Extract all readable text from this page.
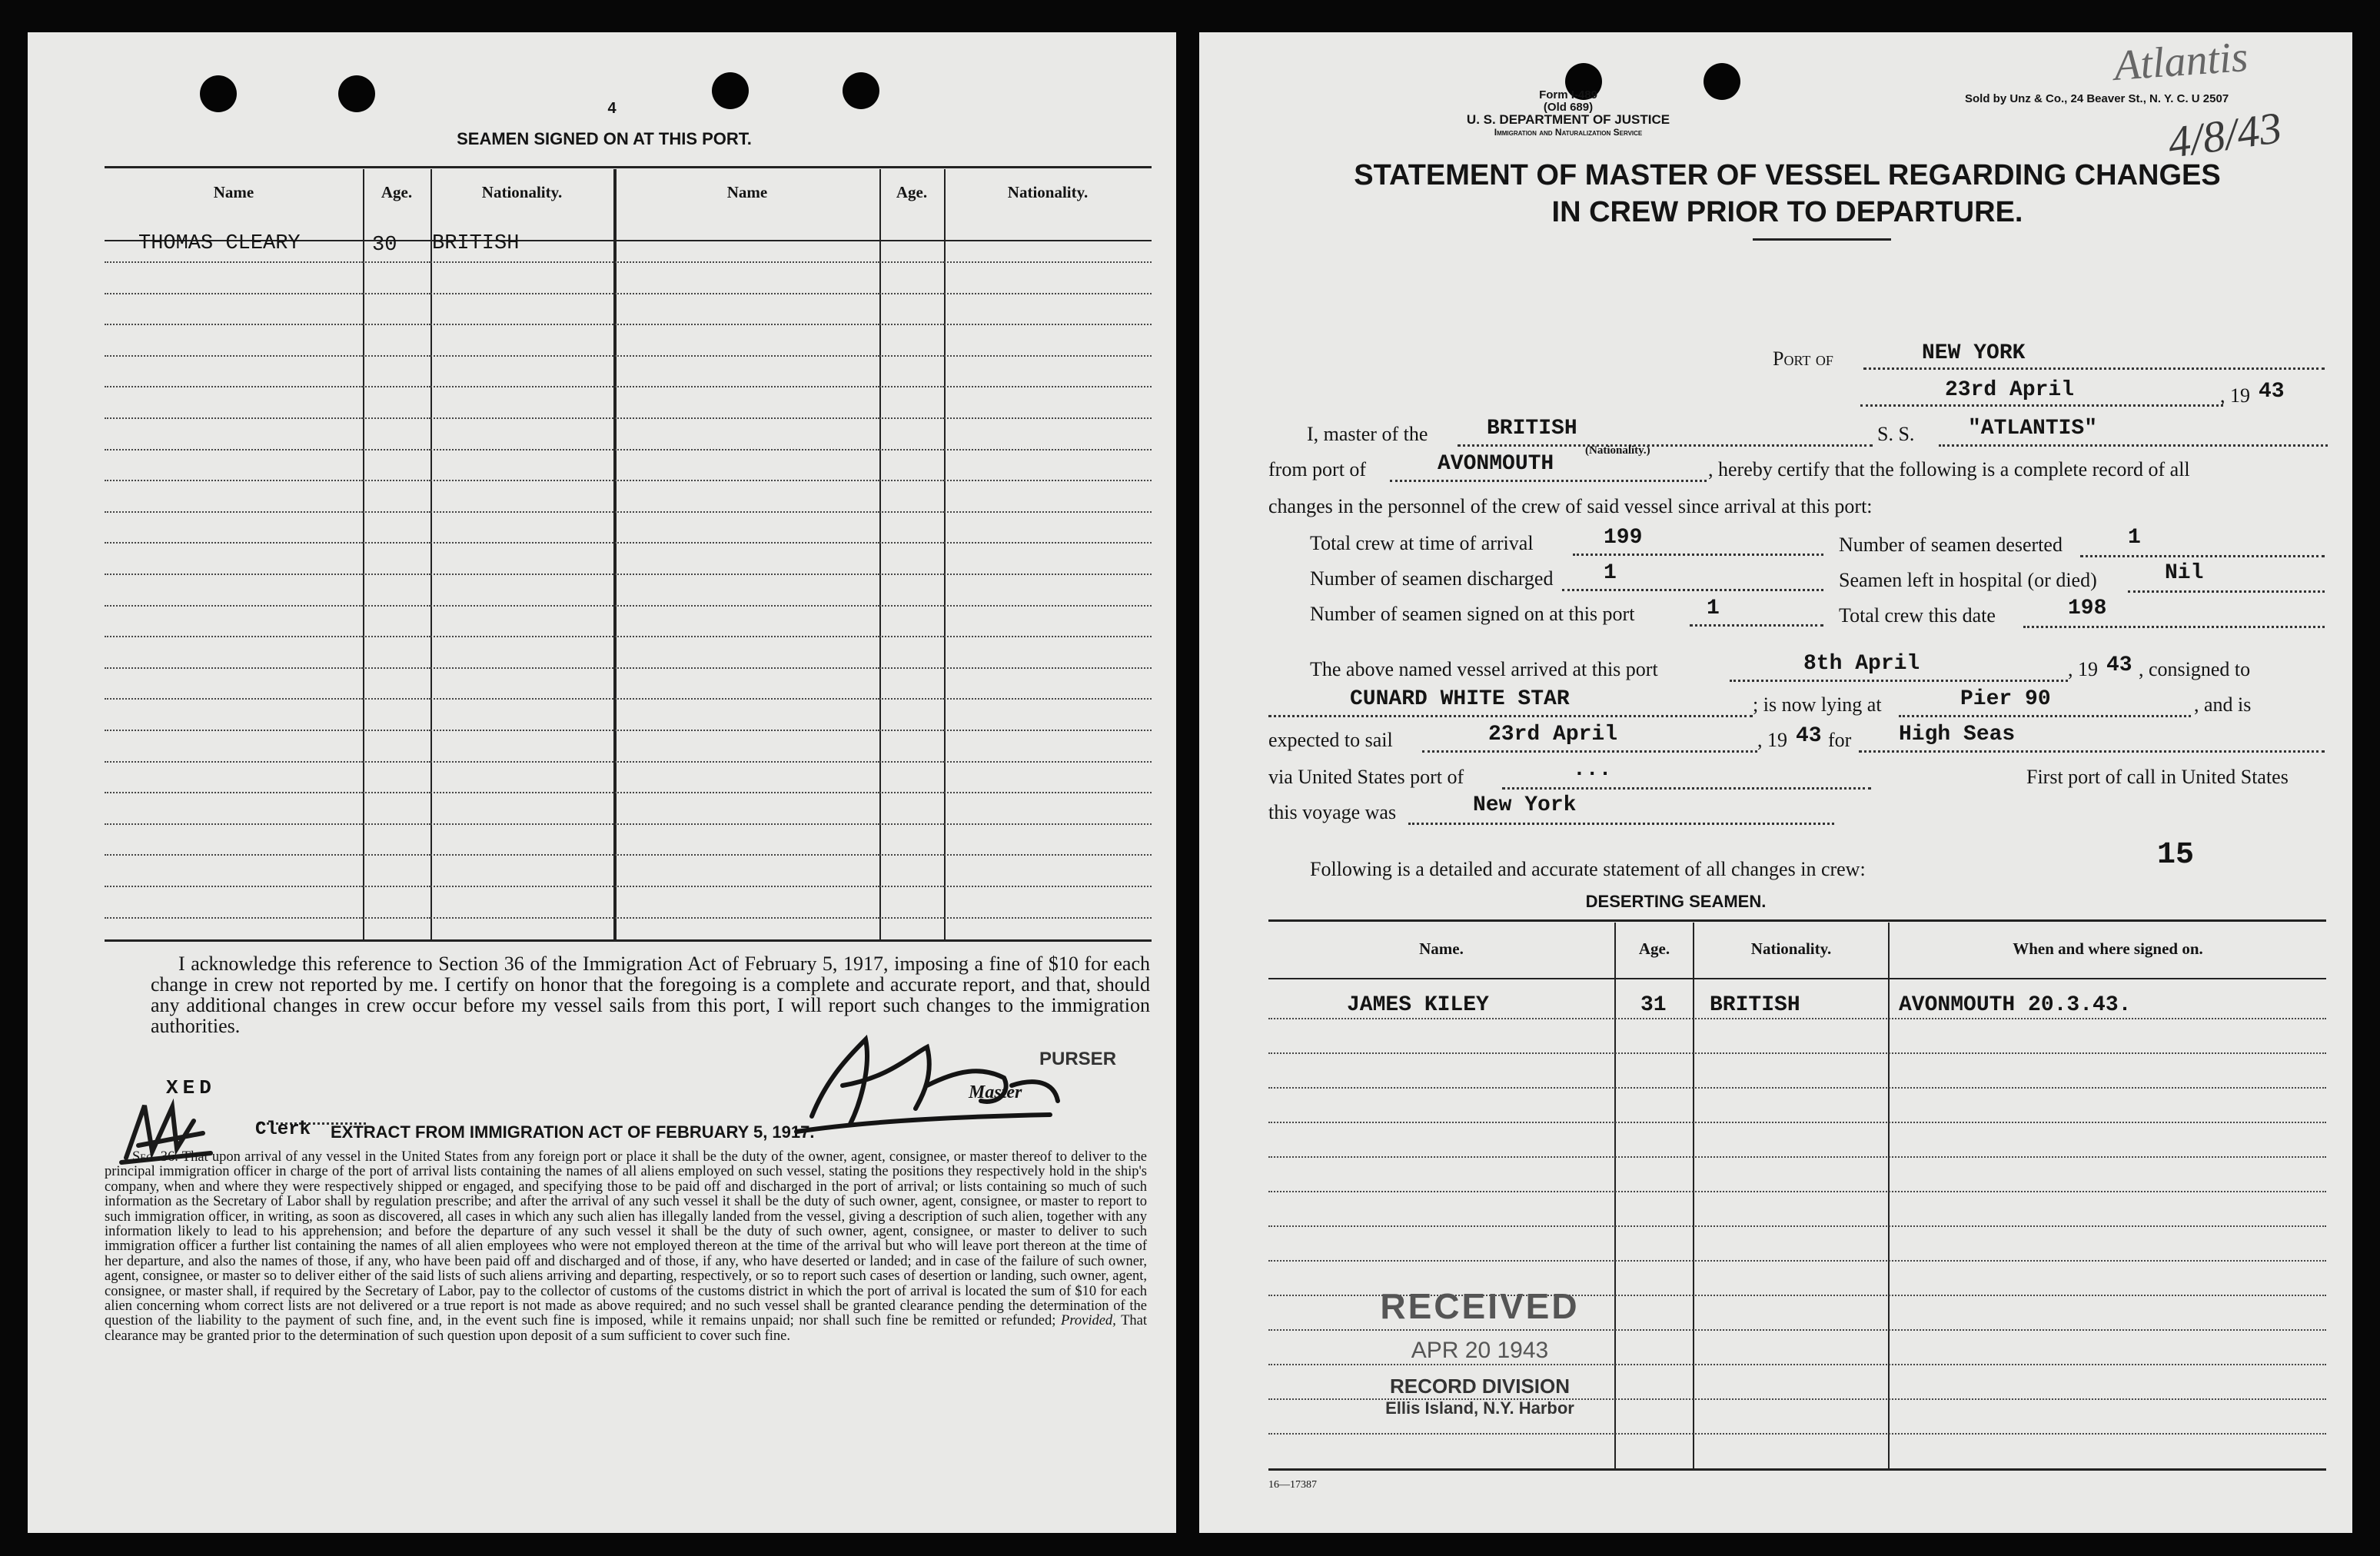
4
SEAMEN SIGNED ON AT THIS PORT.
Name	Age.	Nationality.	Name	Age.	Nationality.
THOMAS CLEARY	30 BRITISH
I acknowledge this reference to Section 36 of the Immigration Act of February 5, 1917, imposing a fine of $10 for each change in crew not reported by me. I certify on honor that the foregoing is a complete and accurate report, and that, should any additional changes in crew occur before my vessel sails from this port, I will report such changes to the immigration authorities.
XED
PURSER
Master
Clerk EXTRACT FROM IMMIGRATION ACT OF FEBRUARY 5, 1917.
Sec. 36. That upon arrival of any vessel in the United States from any foreign port or place it shall be the duty of the owner, agent, consignee, or master thereof to deliver to the principal immigration officer in charge of the port of arrival lists containing the names of all aliens employed on such vessel, stating the positions they respectively hold in the ship's company, when and where they were respectively shipped or engaged, and specifying those to be paid off and discharged in the port of arrival; or lists containing so much of such information as the Secretary of Labor shall by regulation prescribe; and after the arrival of any such vessel it shall be the duty of such owner, agent, consignee, or master to report to such immigration officer, in writing, as soon as discovered, all cases in which any such alien has illegally landed from the vessel, giving a description of such alien, together with any information likely to lead to his apprehension; and before the departure of any such vessel it shall be the duty of such owner, agent, consignee, or master to deliver to such immigration officer a further list containing the names of all alien employees who were not employed thereon at the time of the arrival but who will leave port thereon at the time of her departure, and also the names of those, if any, who have been paid off and discharged and of those, if any, who have deserted or landed; and in case of the failure of such owner, agent, consignee, or master so to deliver either of the said lists of such aliens arriving and departing, respectively, or so to report such cases of desertion or landing, such owner, agent, consignee, or master shall, if required by the Secretary of Labor, pay to the collector of customs of the customs district in which the port of arrival is located the sum of $10 for each alien concerning whom correct lists are not delivered or a true report is not made as above required; and no such vessel shall be granted clearance pending the determination of the question of the liability to the payment of such fine, and, in the event such fine is imposed, while it remains unpaid; nor shall such fine be remitted or refunded; Provided, That clearance may be granted prior to the determination of such question upon deposit of a sum sufficient to cover such fine.
Form I-489
(Old 689)
U. S. DEPARTMENT OF JUSTICE
Immigration and Naturalization Service
Sold by Unz & Co., 24 Beaver St., N. Y. C. U 2507
Atlantis
4/8/43
STATEMENT OF MASTER OF VESSEL REGARDING CHANGES
IN CREW PRIOR TO DEPARTURE.
Port of	NEW YORK
23rd April	, 19 43
I, master of the	BRITISH
(Nationality.)
S. S. "ATLANTIS"
from port of	AVONMOUTH	, hereby certify that the following is a complete record of all
changes in the personnel of the crew of said vessel since arrival at this port:
Total crew at time of arrival	199	Number of seamen deserted	1
Number of seamen discharged 1	Seamen left in hospital (or died)	Nil
Number of seamen signed on at this port	1	Total crew this date	198
The above named vessel arrived at this port	8th April	, 19 43 , consigned to
CUNARD WHITE STAR	; is now lying at	Pier 90	, and is
expected to sail	23rd April	, 19 43 for High Seas
via United States port of	...	First port of call in United States
this voyage was	New York
Following is a detailed and accurate statement of all changes in crew:	15
DESERTING SEAMEN.
Name.	Age.	Nationality.	When and where signed on.
JAMES KILEY	31 BRITISH	AVONMOUTH 20.3.43.
RECEIVED
APR 20 1943
RECORD DIVISION
Ellis Island, N.Y. Harbor
16—17387
